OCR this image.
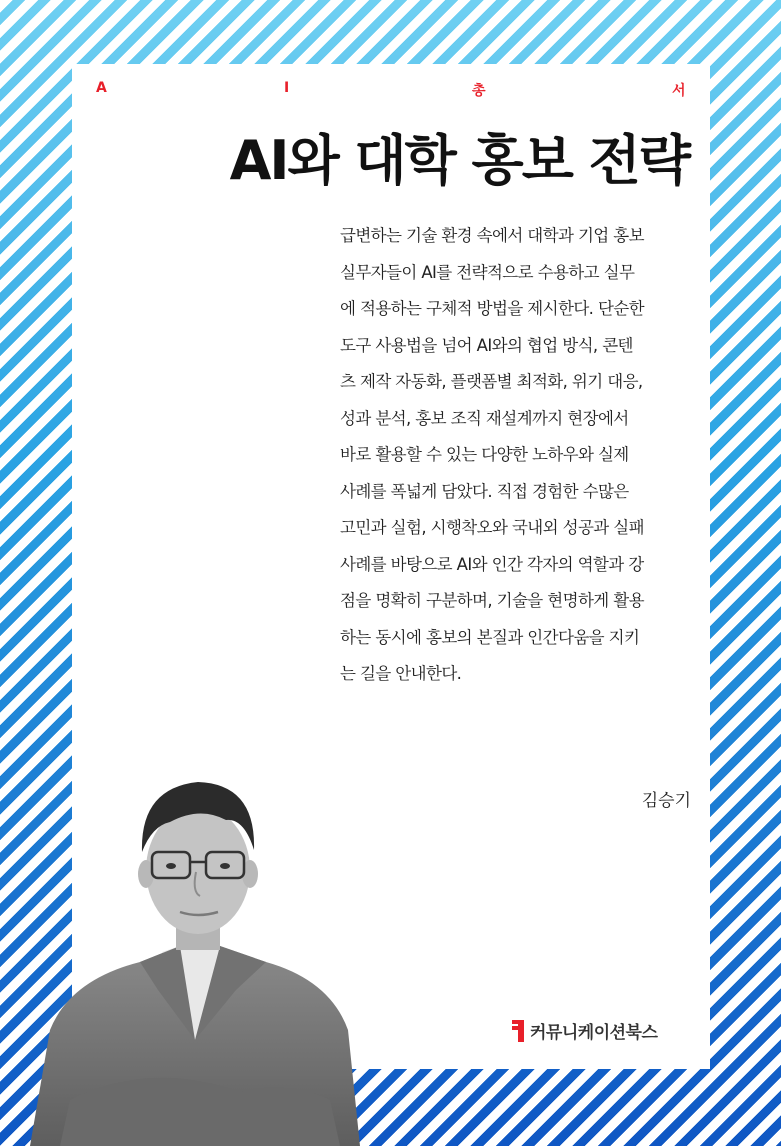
A	I	총	서
AI와 대학 홍보 전략

급변하는 기술 환경 속에서 대학과 기업 홍보
실무자들이 AI를 전략적으로 수용하고 실무
에 적용하는 구체적 방법을 제시한다. 단순한
도구 사용법을 넘어 AI와의 협업 방식, 콘텐
츠 제작 자동화, 플랫폼별 최적화, 위기 대응,
성과 분석, 홍보 조직 재설계까지 현장에서
바로 활용할 수 있는 다양한 노하우와 실제
사례를 폭넓게 담았다. 직접 경험한 수많은
고민과 실험, 시행착오와 국내외 성공과 실패
사례를 바탕으로 AI와 인간 각자의 역할과 강
점을 명확히 구분하며, 기술을 현명하게 활용
하는 동시에 홍보의 본질과 인간다움을 지키
는 길을 안내한다.

김승기
커뮤니케이션북스
